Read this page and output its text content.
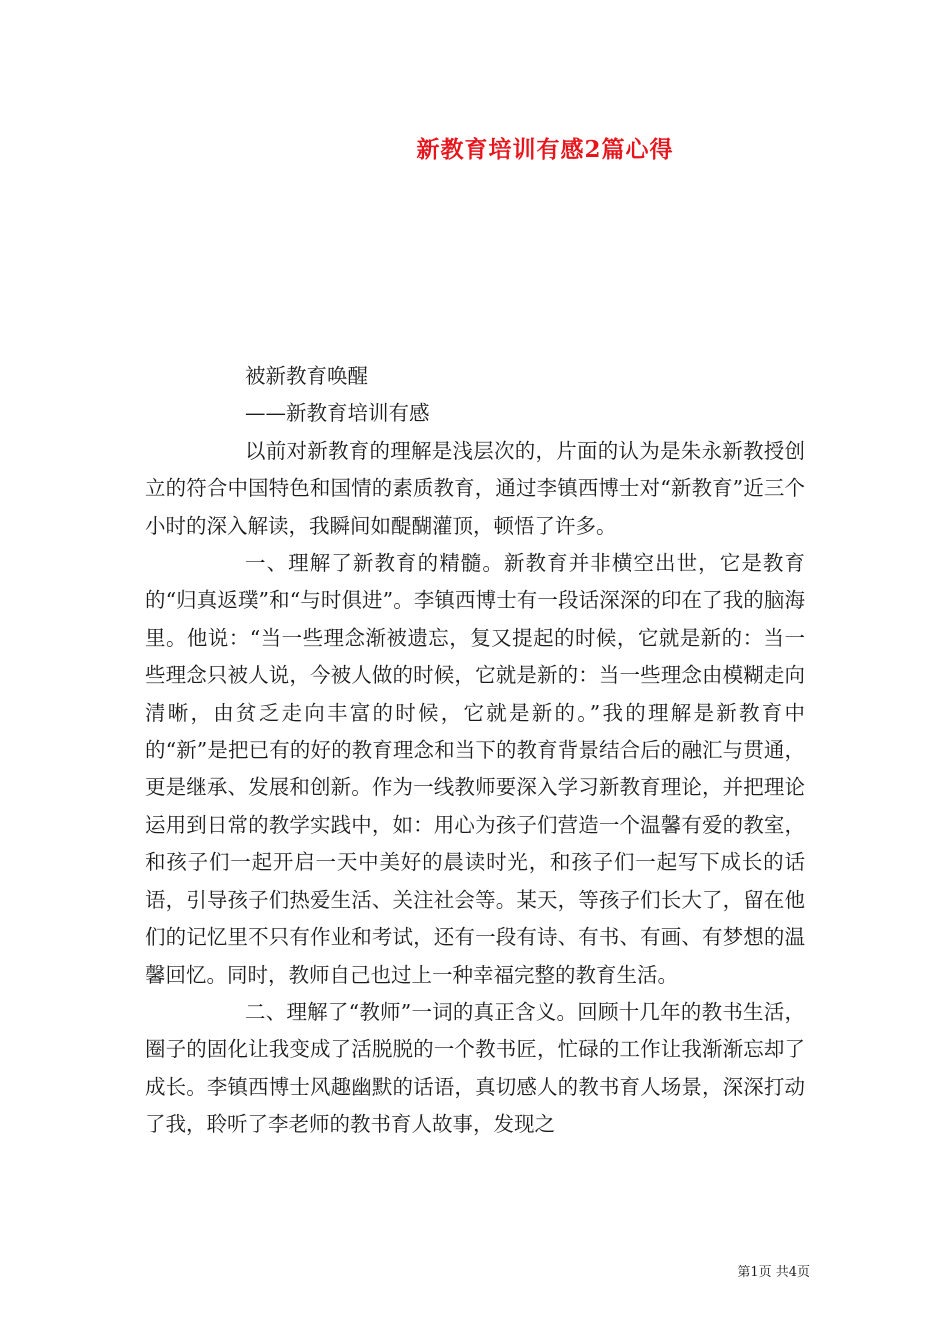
新教育培训有感2篇心得

被新教育唤醒

——新教育培训有感

以前对新教育的理解是浅层次的，片面的认为是朱永新教授创立的符合中国特色和国情的素质教育，通过李镇西博士对“新教育”近三个小时的深入解读，我瞬间如醍醐灌顶，顿悟了许多。

一、理解了新教育的精髓。新教育并非横空出世，它是教育的“归真返璞”和“与时俱进”。李镇西博士有一段话深深的印在了我的脑海里。他说：“当一些理念渐被遗忘，复又提起的时候，它就是新的：当一些理念只被人说，今被人做的时候，它就是新的：当一些理念由模糊走向清晰，由贫乏走向丰富的时候，它就是新的。”我的理解是新教育中的“新”是把已有的好的教育理念和当下的教育背景结合后的融汇与贯通，更是继承、发展和创新。作为一线教师要深入学习新教育理论，并把理论运用到日常的教学实践中，如：用心为孩子们营造一个温馨有爱的教室，和孩子们一起开启一天中美好的晨读时光，和孩子们一起写下成长的话语，引导孩子们热爱生活、关注社会等。某天，等孩子们长大了，留在他们的记忆里不只有作业和考试，还有一段有诗、有书、有画、有梦想的温馨回忆。同时，教师自己也过上一种幸福完整的教育生活。

二、理解了“教师”一词的真正含义。回顾十几年的教书生活，圈子的固化让我变成了活脱脱的一个教书匠，忙碌的工作让我渐渐忘却了成长。李镇西博士风趣幽默的话语，真切感人的教书育人场景，深深打动了我，聆听了李老师的教书育人故事，发现之

第1页 共4页
